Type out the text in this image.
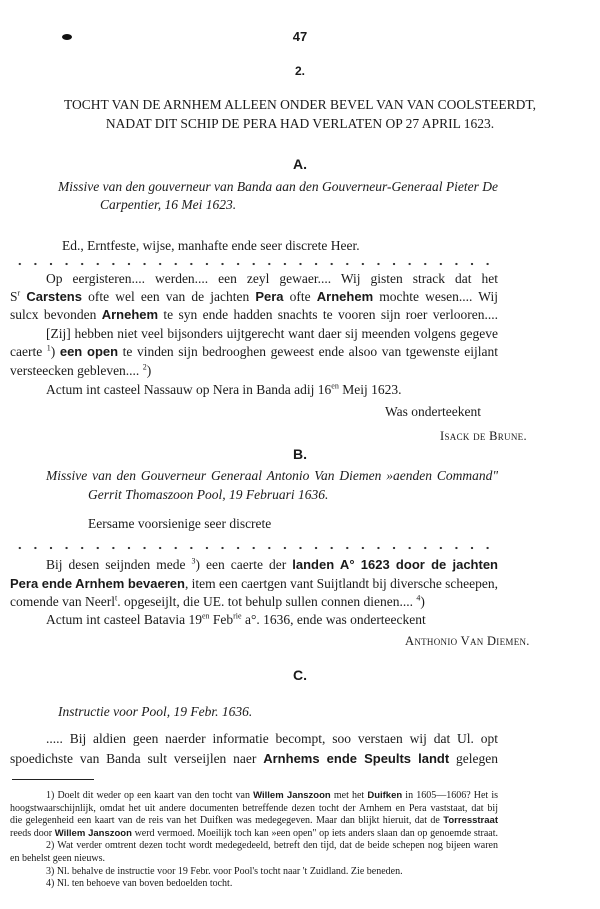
47
2.
TOCHT VAN DE ARNHEM ALLEEN ONDER BEVEL VAN VAN COOLSTEERDT,
NADAT DIT SCHIP DE PERA HAD VERLATEN OP 27 APRIL 1623.
A.
Missive van den gouverneur van Banda aan den Gouverneur-Generaal Pieter De
Carpentier, 16 Mei 1623.
Ed., Erntfeste, wijse, manhafte ende seer discrete Heer.
Op eergisteren.... werden.... een zeyl gewaer.... Wij gisten strack dat het
$S^r$ Carstens ofte wel een van de jachten Pera ofte Arnehem mochte wesen.... Wij
sulcx bevonden Arnehem te syn ende hadden snachts te vooren sijn roer verlooren....
[Zij] hebben niet veel bijsonders uijtgerecht want daer sij meenden volgens gegeve
caerte $^1$) een open te vinden sijn bedrooghen geweest ende alsoo van tgewenste eijlant
versteecken gebleven.... $^2$)
Actum int casteel Nassauw op Nera in Banda adij $16^{en}$ Meij 1623.
Was onderteekent
Isack de Brune.
B.
Missive van den Gouverneur Generaal Antonio Van Diemen »aenden Command"
Gerrit Thomaszoon Pool, 19 Februari 1636.
Eersame voorsienige seer discrete
Bij desen seijnden mede $^3$) een caerte der landen A° 1623 door de jachten
Pera ende Arnhem bevaeren, item een caertgen vant Suijtlandt bij diversche scheepen,
comende van Neerl$^t$. opgeseijlt, die UE. tot behulp sullen connen dienen.... $^4$)
Actum int casteel Batavia $19^{en}$ Feb$^{rie}$ a°. 1636, ende was onderteeckent
Anthonio Van Diemen.
C.
Instructie voor Pool, 19 Febr. 1636.
..... Bij aldien geen naerder informatie becompt, soo verstaen wij dat Ul. opt
spoedichste van Banda sult verseijlen naer Arnhems ende Speults landt gelegen
1) Doelt dit weder op een kaart van den tocht van Willem Janszoon met het Duifken in 1605—1606? Het is
hoogstwaarschijnlijk, omdat het uit andere documenten betreffende dezen tocht der Arnhem en Pera vaststaat, dat bij
die gelegenheid een kaart van de reis van het Duifken was medegegeven. Maar dan blijkt hieruit, dat de Torresstraat
reeds door Willem Janszoon werd vermoed. Moeilijk toch kan »een open" op iets anders slaan dan op genoemde straat.
2) Wat verder omtrent dezen tocht wordt medegedeeld, betreft den tijd, dat de beide schepen nog bijeen waren
en behelst geen nieuws.
3) Nl. behalve de instructie voor 19 Febr. voor Pool's tocht naar 't Zuidland. Zie beneden.
4) Nl. ten behoeve van boven bedoelden tocht.
